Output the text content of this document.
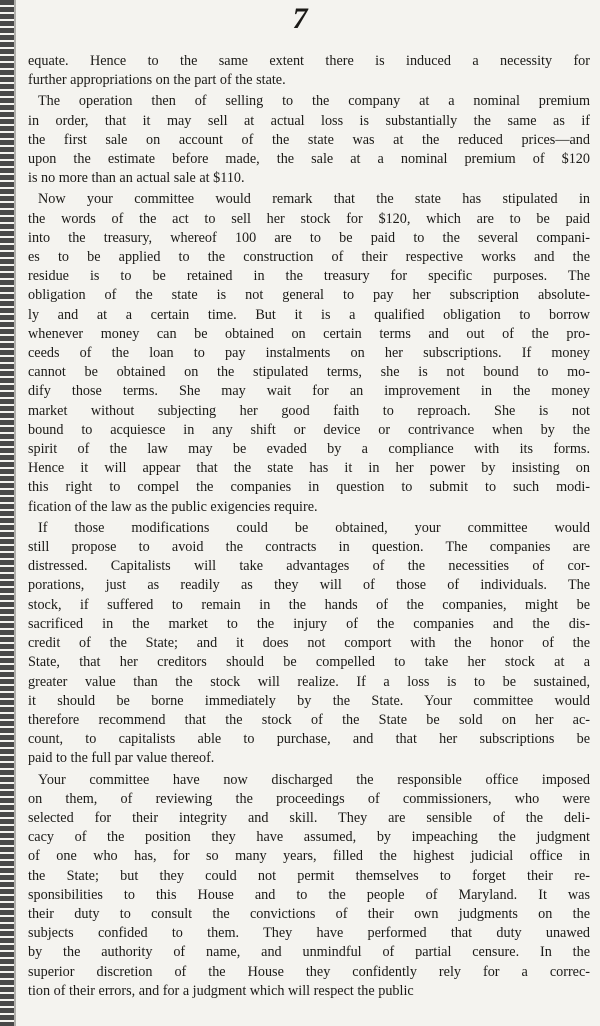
7

equate. Hence to the same extent there is induced a necessity for
further appropriations on the part of the state.

The operation then of selling to the company at a nominal premium
in order, that it may sell at actual loss is substantially the same as if
the first sale on account of the state was at the reduced prices—and
upon the estimate before made, the sale at a nominal premium of $120
is no more than an actual sale at $110.

Now your committee would remark that the state has stipulated in
the words of the act to sell her stock for $120, which are to be paid
into the treasury, whereof 100 are to be paid to the several compani-
es to be applied to the construction of their respective works and the
residue is to be retained in the treasury for specific purposes. The
obligation of the state is not general to pay her subscription absolute-
ly and at a certain time. But it is a qualified obligation to borrow
whenever money can be obtained on certain terms and out of the pro-
ceeds of the loan to pay instalments on her subscriptions. If money
cannot be obtained on the stipulated terms, she is not bound to mo-
dify those terms. She may wait for an improvement in the money
market without subjecting her good faith to reproach. She is not
bound to acquiesce in any shift or device or contrivance when by the
spirit of the law may be evaded by a compliance with its forms.
Hence it will appear that the state has it in her power by insisting on
this right to compel the companies in question to submit to such modi-
fication of the law as the public exigencies require.

If those modifications could be obtained, your committee would
still propose to avoid the contracts in question. The companies are
distressed. Capitalists will take advantages of the necessities of cor-
porations, just as readily as they will of those of individuals. The
stock, if suffered to remain in the hands of the companies, might be
sacrificed in the market to the injury of the companies and the dis-
credit of the State; and it does not comport with the honor of the
State, that her creditors should be compelled to take her stock at a
greater value than the stock will realize. If a loss is to be sustained,
it should be borne immediately by the State. Your committee would
therefore recommend that the stock of the State be sold on her ac-
count, to capitalists able to purchase, and that her subscriptions be
paid to the full par value thereof.

Your committee have now discharged the responsible office imposed
on them, of reviewing the proceedings of commissioners, who were
selected for their integrity and skill. They are sensible of the deli-
cacy of the position they have assumed, by impeaching the judgment
of one who has, for so many years, filled the highest judicial office in
the State; but they could not permit themselves to forget their re-
sponsibilities to this House and to the people of Maryland. It was
their duty to consult the convictions of their own judgments on the
subjects confided to them. They have performed that duty unawed
by the authority of name, and unmindful of partial censure. In the
superior discretion of the House they confidently rely for a correc-
tion of their errors, and for a judgment which will respect the public
